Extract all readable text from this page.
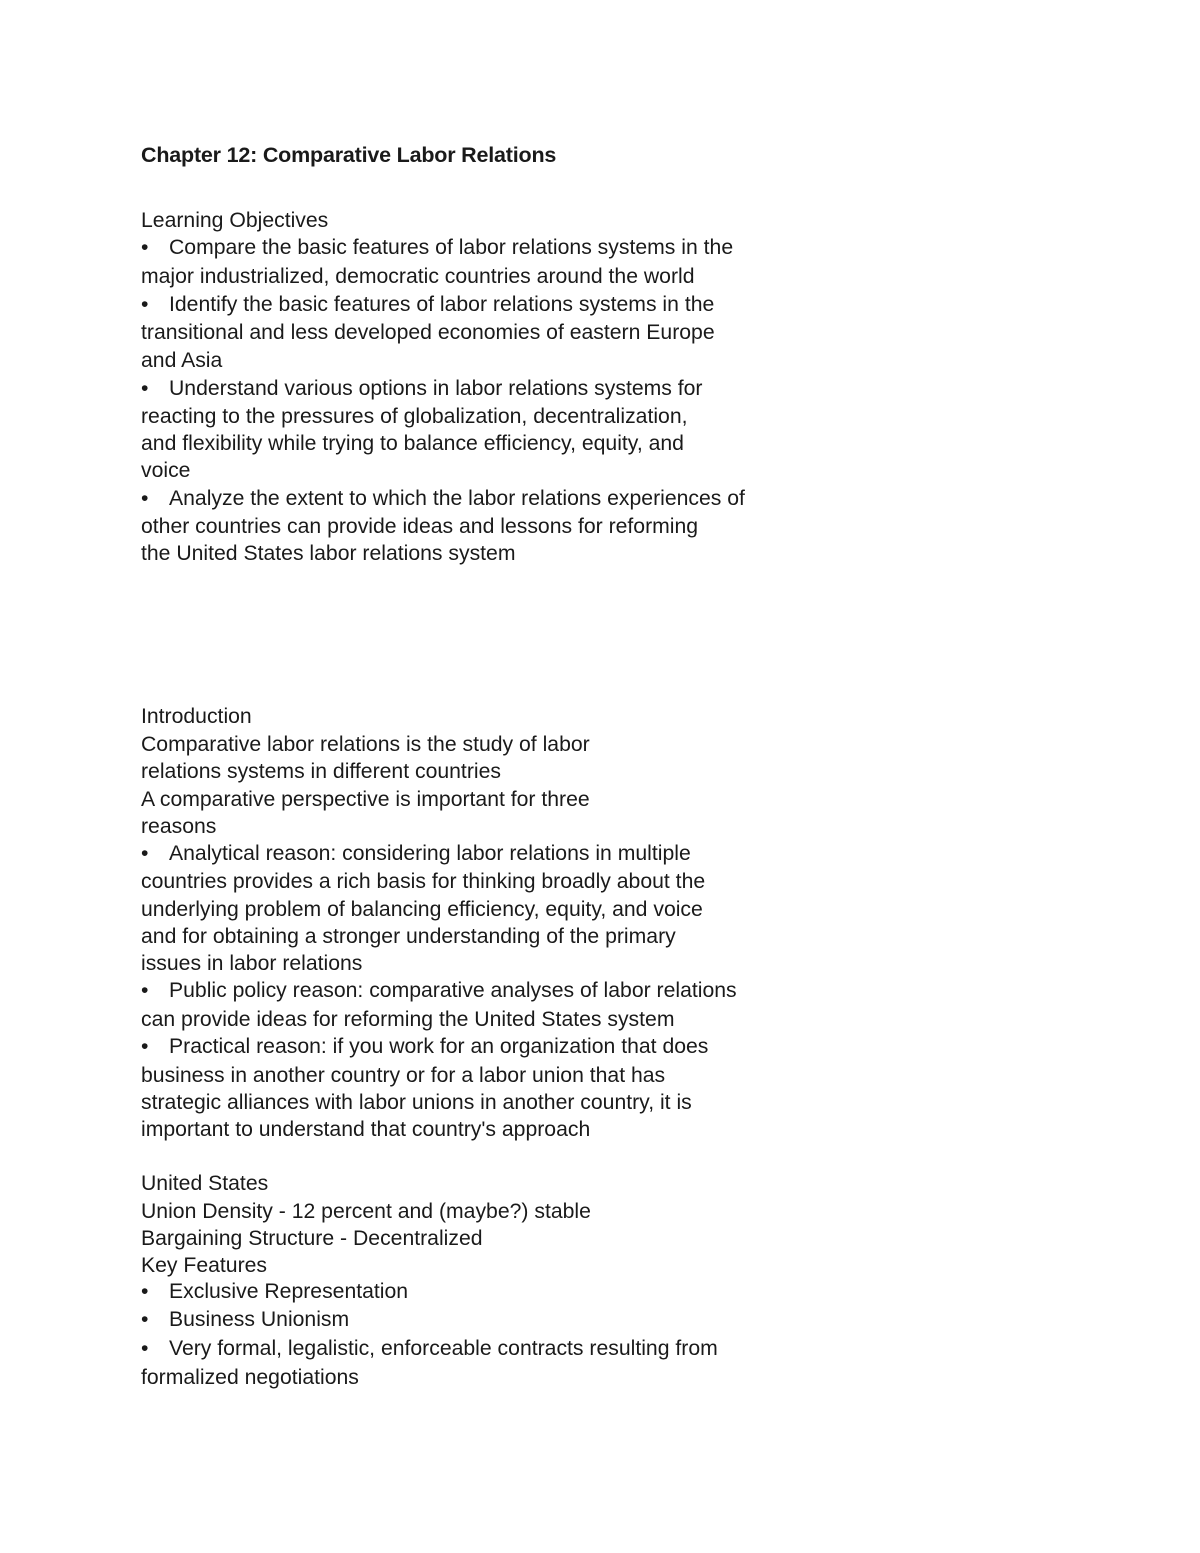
Chapter 12: Comparative Labor Relations
Learning Objectives
• Compare the basic features of labor relations systems in the
major industrialized, democratic countries around the world
• Identify the basic features of labor relations systems in the
transitional and less developed economies of eastern Europe
and Asia
• Understand various options in labor relations systems for
reacting to the pressures of globalization, decentralization,
and flexibility while trying to balance efficiency, equity, and
voice
• Analyze the extent to which the labor relations experiences of
other countries can provide ideas and lessons for reforming
the United States labor relations system
Introduction
Comparative labor relations is the study of labor
relations systems in different countries
A comparative perspective is important for three
reasons
• Analytical reason: considering labor relations in multiple
countries provides a rich basis for thinking broadly about the
underlying problem of balancing efficiency, equity, and voice
and for obtaining a stronger understanding of the primary
issues in labor relations
• Public policy reason: comparative analyses of labor relations
can provide ideas for reforming the United States system
• Practical reason: if you work for an organization that does
business in another country or for a labor union that has
strategic alliances with labor unions in another country, it is
important to understand that country's approach
United States
Union Density - 12 percent and (maybe?) stable
Bargaining Structure - Decentralized
Key Features
• Exclusive Representation
• Business Unionism
• Very formal, legalistic, enforceable contracts resulting from
formalized negotiations
